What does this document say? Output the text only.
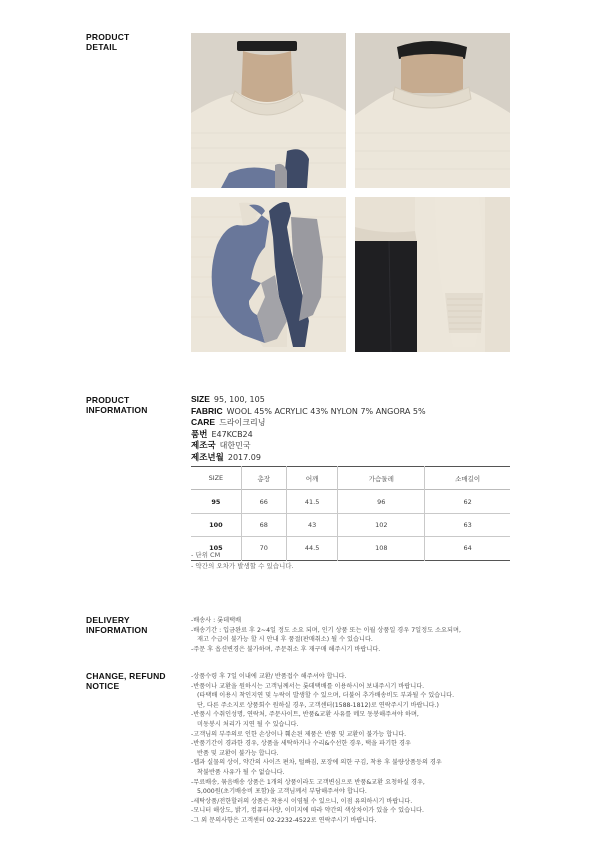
PRODUCT
DETAIL
PRODUCT
INFORMATION
SIZE 95, 100, 105
FABRIC WOOL 45% ACRYLIC 43% NYLON 7% ANGORA 5%
CARE 드라이크리닝
품번 E47KCB24
제조국 대한민국
제조년월 2017.09
SIZE	총장	어깨	가슴둘레	소매길이
95	66	41.5	96	62
100	68	43	102	63
105	70	44.5	108	64
- 단위 CM
- 약간의 오차가 발생할 수 있습니다.
DELIVERY
INFORMATION
-배송사 : 롯데택배
-배송기간 : 입금완료 후 2~4일 정도 소요 되며, 인기 상품 또는 이월 상품일 경우 7일정도 소요되며,
재고 수급이 불가능 할 시 안내 후 품절(판매취소) 될 수 있습니다.
-주문 후 옵션변경은 불가하며, 주문취소 후 재구매 해주시기 바랍니다.
CHANGE, REFUND
NOTICE
-상품수령 후 7일 이내에 교환/ 반품접수 해주셔야 합니다.
-반품이나 교환을 원하시는 고객님께서는 롯데택배를 이용하시어 보내주시기 바랍니다.
(타택배 이용시 착인지연 및 누락이 발생할 수 있으며, 더불어 추가배송비도 부과될 수 있습니다.
단, 다른 주소지로 상품회수 원하실 경우, 고객센터(1588-1812)로 연락주시기 바랍니다.)
-반품시 수취인성명, 연락처, 주문사이트, 반품&교환 사유를 메모 동봉해주셔야 하며,
미동봉시 처리가 지연 될 수 있습니다.
-고객님의 부주의로 인한 손상이나 훼손된 제품은 반품 및 교환이 불가능 합니다.
-반품기간이 경과한 경우, 상품을 세탁하거나 수리&수선한 경우, 택을 파기한 경우
반품 및 교환이 불가능 합니다.
-웹과 실물의 상이, 약간의 사이즈 편차, 털빠짐, 포장에 의한 구김, 착용 후 불량상품등의 경우
착불반품 사유가 될 수 없습니다.
-무료배송, 묶음배송 상품은 1개의 상품이라도 고객변심으로 반품&교환 요청하실 경우,
5,000원(초기배송비 포함)을 고객님께서 부담해주셔야 합니다.
-세탁상품/전한할러의 상품은 착용시 이염될 수 있으니, 이점 유의하시기 바랍니다.
-모니터 해상도, 밝기, 컴퓨터사양, 이미지에 따라 약간의 색상차이가 있을 수 있습니다.
-그 외 문의사항은 고객센터 02-2232-4522로 연락주시기 바랍니다.
